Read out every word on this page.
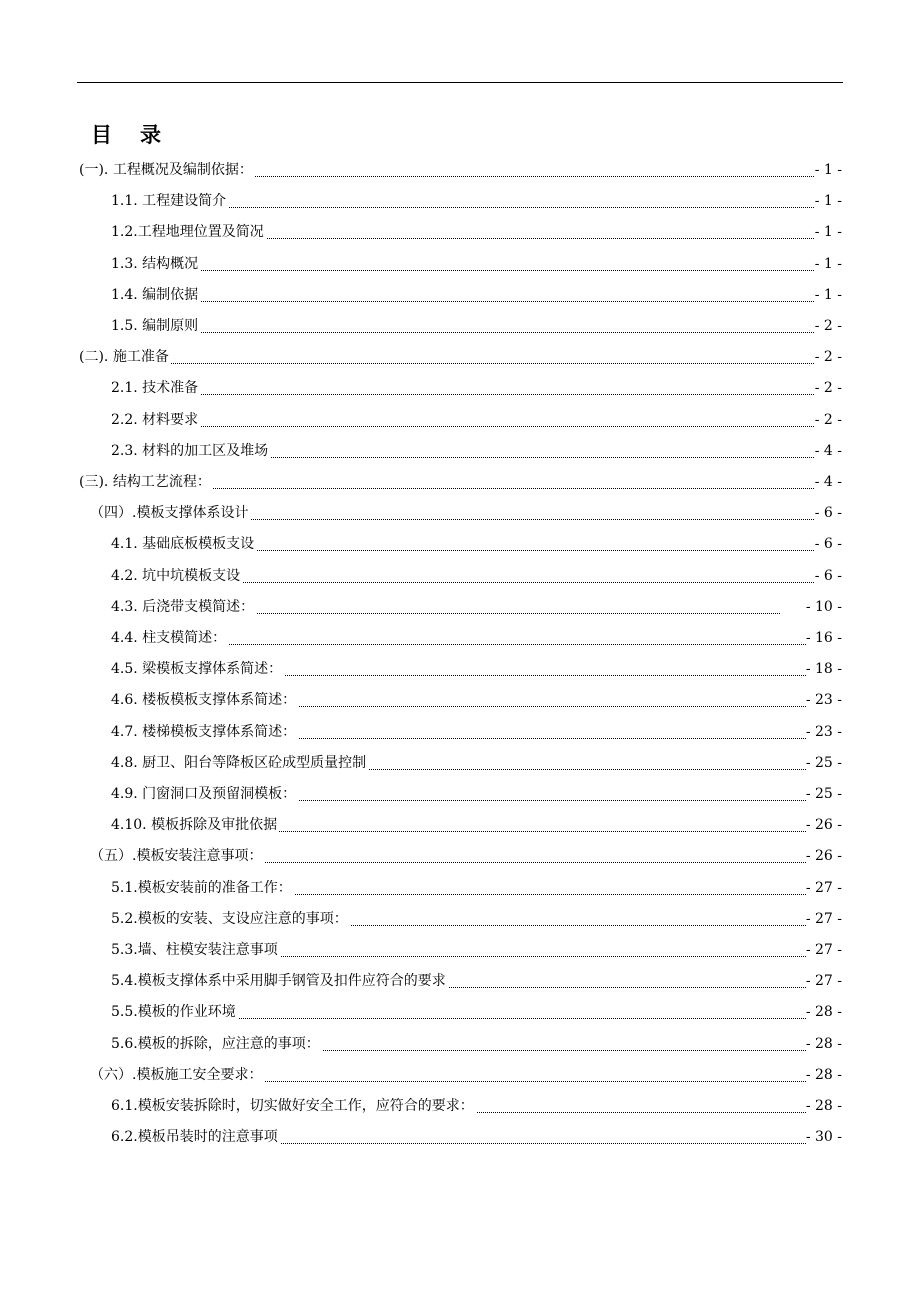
目录
(一). 工程概况及编制依据：	- 1 -
1.1. 工程建设简介	- 1 -
1.2.工程地理位置及简况	- 1 -
1.3. 结构概况	- 1 -
1.4. 编制依据	- 1 -
1.5. 编制原则	- 2 -
(二). 施工准备	- 2 -
2.1. 技术准备	- 2 -
2.2. 材料要求	- 2 -
2.3. 材料的加工区及堆场	- 4 -
(三). 结构工艺流程：	- 4 -
（四）.模板支撑体系设计	- 6 -
4.1. 基础底板模板支设	- 6 -
4.2. 坑中坑模板支设	- 6 -
4.3. 后浇带支模简述：	- 10 -
4.4. 柱支模简述：	- 16 -
4.5. 梁模板支撑体系简述：	- 18 -
4.6. 楼板模板支撑体系简述：	- 23 -
4.7. 楼梯模板支撑体系简述：	- 23 -
4.8. 厨卫、阳台等降板区砼成型质量控制	- 25 -
4.9. 门窗洞口及预留洞模板：	- 25 -
4.10. 模板拆除及审批依据	- 26 -
（五）.模板安装注意事项：	- 26 -
5.1.模板安装前的准备工作：	- 27 -
5.2.模板的安装、支设应注意的事项：	- 27 -
5.3.墙、柱模安装注意事项	- 27 -
5.4.模板支撑体系中采用脚手钢管及扣件应符合的要求	- 27 -
5.5.模板的作业环境	- 28 -
5.6.模板的拆除，应注意的事项：	- 28 -
（六）.模板施工安全要求：	- 28 -
6.1.模板安装拆除时，切实做好安全工作，应符合的要求：	- 28 -
6.2.模板吊装时的注意事项	- 30 -
